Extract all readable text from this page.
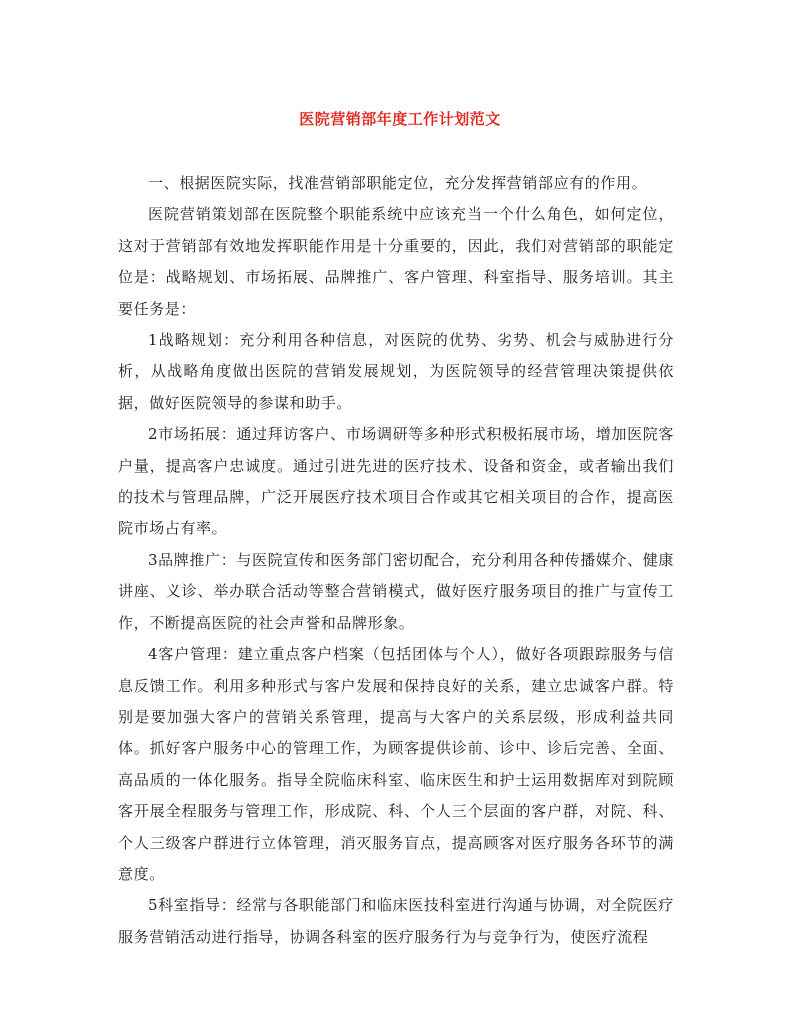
医院营销部年度工作计划范文

一、根据医院实际，找准营销部职能定位，充分发挥营销部应有的作用。

医院营销策划部在医院整个职能系统中应该充当一个什么角色，如何定位，这对于营销部有效地发挥职能作用是十分重要的，因此，我们对营销部的职能定位是：战略规划、市场拓展、品牌推广、客户管理、科室指导、服务培训。其主要任务是：

1战略规划：充分利用各种信息，对医院的优势、劣势、机会与威胁进行分析，从战略角度做出医院的营销发展规划，为医院领导的经营管理决策提供依据，做好医院领导的参谋和助手。

2市场拓展：通过拜访客户、市场调研等多种形式积极拓展市场，增加医院客户量，提高客户忠诚度。通过引进先进的医疗技术、设备和资金，或者输出我们的技术与管理品牌，广泛开展医疗技术项目合作或其它相关项目的合作，提高医院市场占有率。

3品牌推广：与医院宣传和医务部门密切配合，充分利用各种传播媒介、健康讲座、义诊、举办联合活动等整合营销模式，做好医疗服务项目的推广与宣传工作，不断提高医院的社会声誉和品牌形象。

4客户管理：建立重点客户档案（包括团体与个人），做好各项跟踪服务与信息反馈工作。利用多种形式与客户发展和保持良好的关系，建立忠诚客户群。特别是要加强大客户的营销关系管理，提高与大客户的关系层级，形成利益共同体。抓好客户服务中心的管理工作，为顾客提供诊前、诊中、诊后完善、全面、高品质的一体化服务。指导全院临床科室、临床医生和护士运用数据库对到院顾客开展全程服务与管理工作，形成院、科、个人三个层面的客户群，对院、科、个人三级客户群进行立体管理，消灭服务盲点，提高顾客对医疗服务各环节的满意度。

5科室指导：经常与各职能部门和临床医技科室进行沟通与协调，对全院医疗服务营销活动进行指导，协调各科室的医疗服务行为与竞争行为，使医疗流程
